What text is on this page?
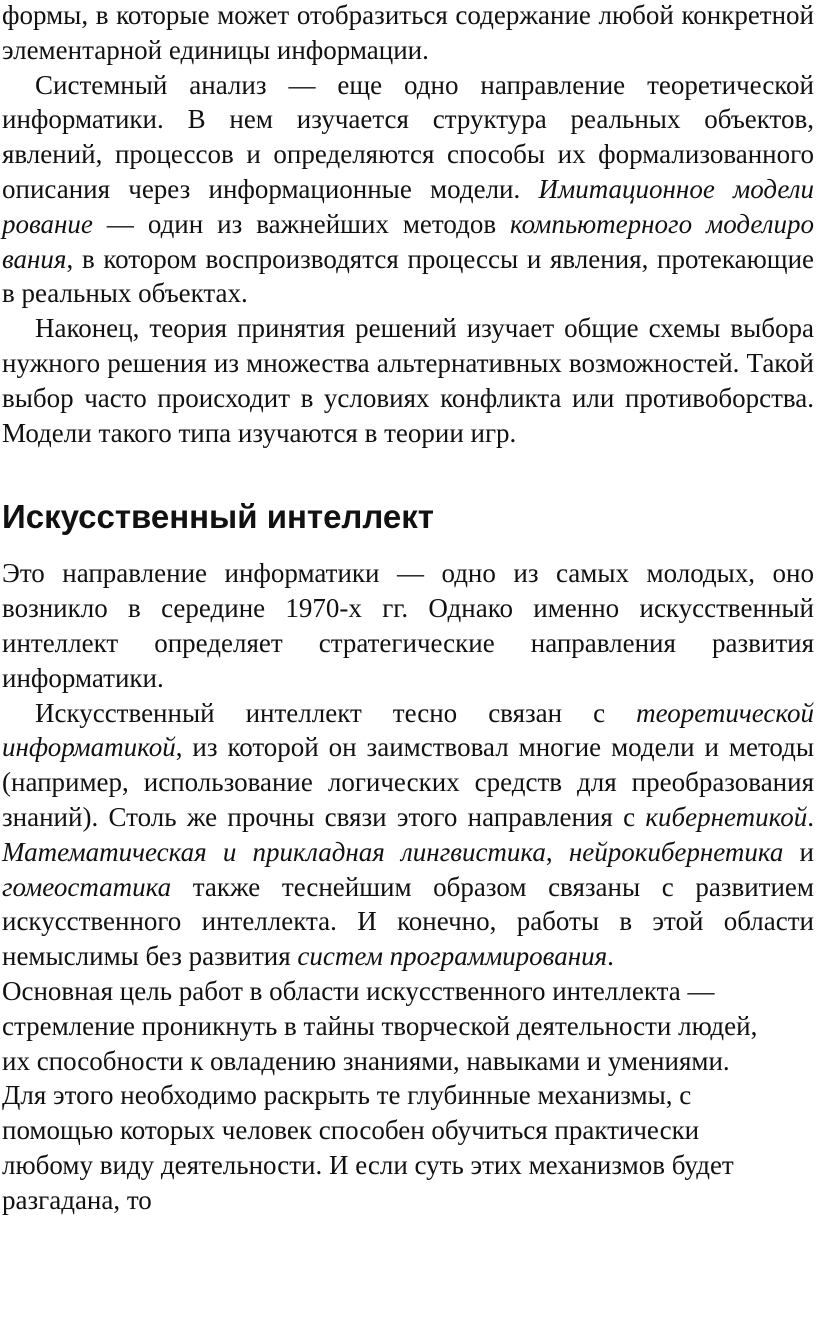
формы, в которые может отобразиться содержание любой конкретной элементарной единицы информации.

Системный анализ — еще одно направление теоретической информатики. В нем изучается структура реальных объектов, явлений, процессов и определяются способы их формализованного описания через информационные модели. Имитационное модели рование — один из важнейших методов компьютерного моделиро вания, в котором воспроизводятся процессы и явления, протекающие в реальных объектах.

Наконец, теория принятия решений изучает общие схемы выбора нужного решения из множества альтернативных возможностей. Такой выбор часто происходит в условиях конфликта или противоборства. Модели такого типа изучаются в теории игр.

Искусственный интеллект

Это направление информатики — одно из самых молодых, оно возникло в середине 1970-х гг. Однако именно искусственный интеллект определяет стратегические направления развития информатики.

Искусственный интеллект тесно связан с теоретической информатикой, из которой он заимствовал многие модели и методы (например, использование логических средств для преобразования знаний). Столь же прочны связи этого направления с кибернетикой. Математическая и прикладная лингвистика, нейрокибернетика и гомеостатика также теснейшим образом связаны с развитием искусственного интеллекта. И конечно, работы в этой области немыслимы без развития систем программирования.

Основная цель работ в области искусственного интеллекта —
стремление проникнуть в тайны творческой деятельности людей,
их способности к овладению знаниями, навыками и умениями.
Для этого необходимо раскрыть те глубинные механизмы, с
помощью которых человек способен обучиться практически
любому виду деятельности. И если суть этих механизмов будет
разгадана, то
